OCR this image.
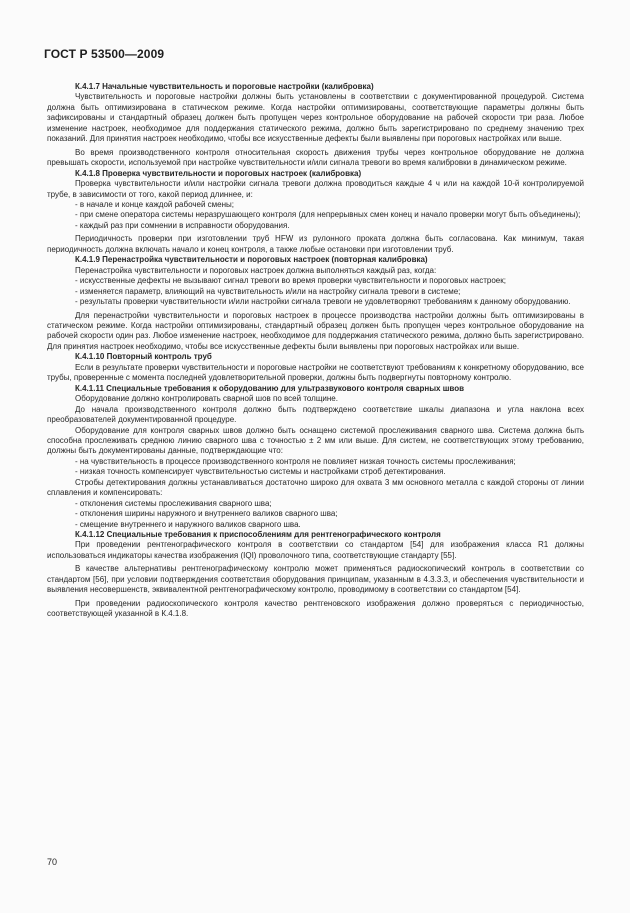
ГОСТ Р 53500—2009

К.4.1.7 Начальные чувствительность и пороговые настройки (калибровка)

Чувствительность и пороговые настройки должны быть установлены в соответствии с документированной процедурой. Система должна быть оптимизирована в статическом режиме. Когда настройки оптимизированы, соответствующие параметры должны быть зафиксированы и стандартный образец должен быть пропущен через контрольное оборудование на рабочей скорости три раза. Любое изменение настроек, необходимое для поддержания статического режима, должно быть зарегистрировано по среднему значению трех показаний. Для принятия настроек необходимо, чтобы все искусственные дефекты были выявлены при пороговых настройках или выше.

Во время производственного контроля относительная скорость движения трубы через контрольное оборудование не должна превышать скорости, используемой при настройке чувствительности и/или сигнала тревоги во время калибровки в динамическом режиме.

К.4.1.8 Проверка чувствительности и пороговых настроек (калибровка)

Проверка чувствительности и/или настройки сигнала тревоги должна проводиться каждые 4 ч или на каждой 10-й контролируемой трубе, в зависимости от того, какой период длиннее, и:

- в начале и конце каждой рабочей смены;

- при смене оператора системы неразрушающего контроля (для непрерывных смен конец и начало проверки могут быть объединены);

- каждый раз при сомнении в исправности оборудования.

Периодичность проверки при изготовлении труб HFW из рулонного проката должна быть согласована. Как минимум, такая периодичность должна включать начало и конец контроля, а также любые остановки при изготовлении труб.

К.4.1.9 Перенастройка чувствительности и пороговых настроек (повторная калибровка)

Перенастройка чувствительности и пороговых настроек должна выполняться каждый раз, когда:

- искусственные дефекты не вызывают сигнал тревоги во время проверки чувствительности и пороговых настроек;

- изменяется параметр, влияющий на чувствительность и/или на настройку сигнала тревоги в системе;

- результаты проверки чувствительности и/или настройки сигнала тревоги не удовлетворяют требованиям к данному оборудованию.

Для перенастройки чувствительности и пороговых настроек в процессе производства настройки должны быть оптимизированы в статическом режиме. Когда настройки оптимизированы, стандартный образец должен быть пропущен через контрольное оборудование на рабочей скорости один раз. Любое изменение настроек, необходимое для поддержания статического режима, должно быть зарегистрировано. Для принятия настроек необходимо, чтобы все искусственные дефекты были выявлены при пороговых настройках или выше.

К.4.1.10 Повторный контроль труб

Если в результате проверки чувствительности и пороговые настройки не соответствуют требованиям к конкретному оборудованию, все трубы, проверенные с момента последней удовлетворительной проверки, должны быть подвергнуты повторному контролю.

К.4.1.11 Специальные требования к оборудованию для ультразвукового контроля сварных швов

Оборудование должно контролировать сварной шов по всей толщине.

До начала производственного контроля должно быть подтверждено соответствие шкалы диапазона и угла наклона всех преобразователей документированной процедуре.

Оборудование для контроля сварных швов должно быть оснащено системой прослеживания сварного шва. Система должна быть способна прослеживать среднюю линию сварного шва с точностью ± 2 мм или выше. Для систем, не соответствующих этому требованию, должны быть документированы данные, подтверждающие что:

- на чувствительность в процессе производственного контроля не повлияет низкая точность системы прослеживания;

- низкая точность компенсирует чувствительностью системы и настройками строб детектирования.

Стробы детектирования должны устанавливаться достаточно широко для охвата 3 мм основного металла с каждой стороны от линии сплавления и компенсировать:

- отклонения системы прослеживания сварного шва;

- отклонения ширины наружного и внутреннего валиков сварного шва;

- смещение внутреннего и наружного валиков сварного шва.

К.4.1.12 Специальные требования к приспособлениям для рентгенографического контроля

При проведении рентгенографического контроля в соответствии со стандартом [54] для изображения класса R1 должны использоваться индикаторы качества изображения (IQI) проволочного типа, соответствующие стандарту [55].

В качестве альтернативы рентгенографическому контролю может применяться радиоскопический контроль в соответствии со стандартом [56], при условии подтверждения соответствия оборудования принципам, указанным в 4.3.3.3, и обеспечения чувствительности и выявления несовершенств, эквивалентной рентгенографическому контролю, проводимому в соответствии со стандартом [54].

При проведении радиоскопического контроля качество рентгеновского изображения должно проверяться с периодичностью, соответствующей указанной в К.4.1.8.

70
